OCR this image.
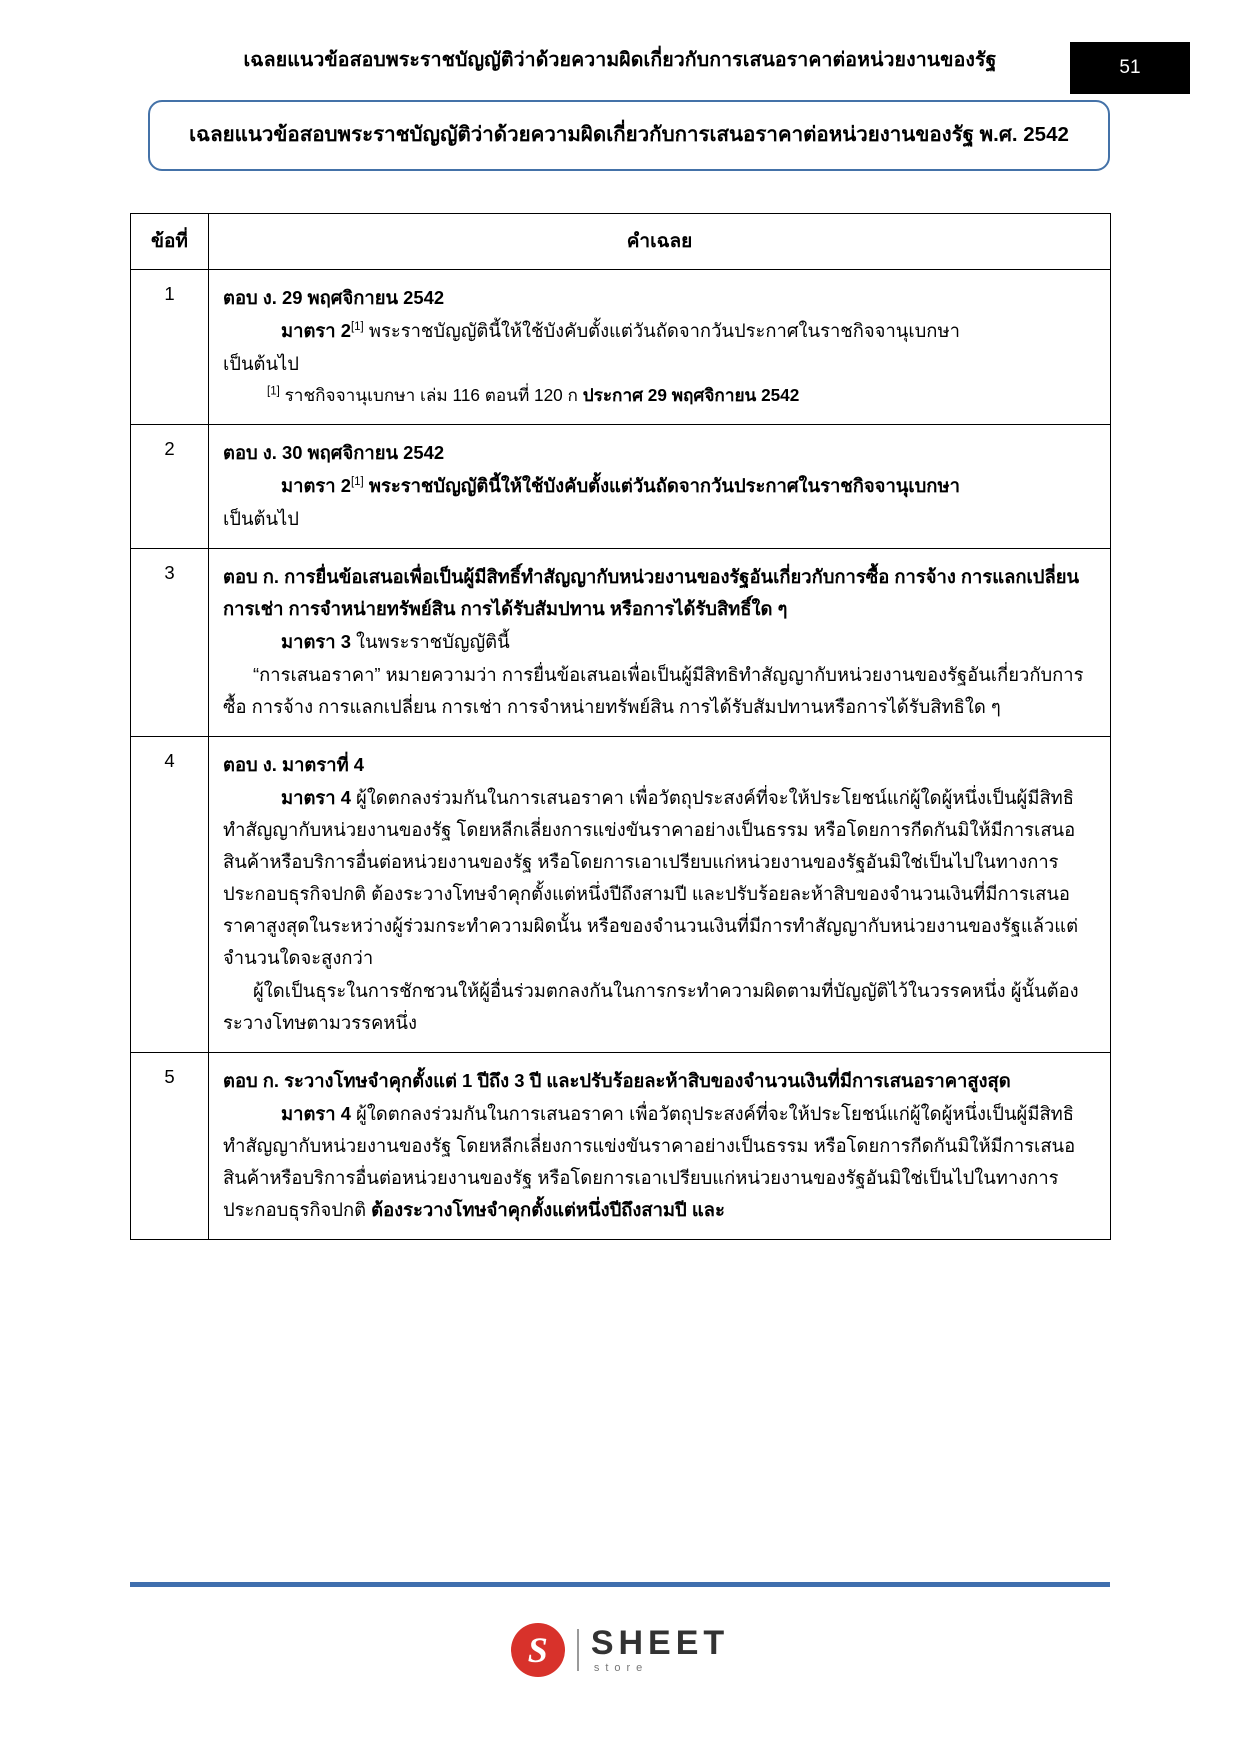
เฉลยแนวข้อสอบพระราชบัญญัติว่าด้วยความผิดเกี่ยวกับการเสนอราคาต่อหน่วยงานของรัฐ	51
เฉลยแนวข้อสอบพระราชบัญญัติว่าด้วยความผิดเกี่ยวกับการเสนอราคาต่อหน่วยงานของรัฐ พ.ศ. 2542
ข้อที่	คำเฉลย
1	ตอบ ง. 29 พฤศจิกายน 2542

มาตรา 2[1] พระราชบัญญัตินี้ให้ใช้บังคับตั้งแต่วันถัดจากวันประกาศในราชกิจจานุเบกษา

เป็นต้นไป

[1] ราชกิจจานุเบกษา เล่ม 116 ตอนที่ 120 ก ประกาศ 29 พฤศจิกายน 2542

2	ตอบ ง. 30 พฤศจิกายน 2542

มาตรา 2[1] พระราชบัญญัตินี้ให้ใช้บังคับตั้งแต่วันถัดจากวันประกาศในราชกิจจานุเบกษา

เป็นต้นไป

3	ตอบ ก. การยื่นข้อเสนอเพื่อเป็นผู้มีสิทธิ์ทำสัญญากับหน่วยงานของรัฐอันเกี่ยวกับการซื้อ การจ้าง การแลกเปลี่ยน การเช่า การจำหน่ายทรัพย์สิน การได้รับสัมปทาน หรือการได้รับสิทธิ์ใด ๆ

มาตรา 3 ในพระราชบัญญัตินี้

“การเสนอราคา” หมายความว่า การยื่นข้อเสนอเพื่อเป็นผู้มีสิทธิทำสัญญากับหน่วยงานของรัฐอันเกี่ยวกับการซื้อ การจ้าง การแลกเปลี่ยน การเช่า การจำหน่ายทรัพย์สิน การได้รับสัมปทานหรือการได้รับสิทธิใด ๆ

4	ตอบ ง. มาตราที่ 4

มาตรา 4 ผู้ใดตกลงร่วมกันในการเสนอราคา เพื่อวัตถุประสงค์ที่จะให้ประโยชน์แก่ผู้ใดผู้หนึ่งเป็นผู้มีสิทธิทำสัญญากับหน่วยงานของรัฐ โดยหลีกเลี่ยงการแข่งขันราคาอย่างเป็นธรรม หรือโดยการกีดกันมิให้มีการเสนอสินค้าหรือบริการอื่นต่อหน่วยงานของรัฐ หรือโดยการเอาเปรียบแก่หน่วยงานของรัฐอันมิใช่เป็นไปในทางการประกอบธุรกิจปกติ ต้องระวางโทษจำคุกตั้งแต่หนึ่งปีถึงสามปี และปรับร้อยละห้าสิบของจำนวนเงินที่มีการเสนอราคาสูงสุดในระหว่างผู้ร่วมกระทำความผิดนั้น หรือของจำนวนเงินที่มีการทำสัญญากับหน่วยงานของรัฐแล้วแต่จำนวนใดจะสูงกว่า

ผู้ใดเป็นธุระในการชักชวนให้ผู้อื่นร่วมตกลงกันในการกระทำความผิดตามที่บัญญัติไว้ในวรรคหนึ่ง ผู้นั้นต้องระวางโทษตามวรรคหนึ่ง

5	ตอบ ก. ระวางโทษจำคุกตั้งแต่ 1 ปีถึง 3 ปี และปรับร้อยละห้าสิบของจำนวนเงินที่มีการเสนอราคาสูงสุด

มาตรา 4 ผู้ใดตกลงร่วมกันในการเสนอราคา เพื่อวัตถุประสงค์ที่จะให้ประโยชน์แก่ผู้ใดผู้หนึ่งเป็นผู้มีสิทธิทำสัญญากับหน่วยงานของรัฐ โดยหลีกเลี่ยงการแข่งขันราคาอย่างเป็นธรรม หรือโดยการกีดกันมิให้มีการเสนอสินค้าหรือบริการอื่นต่อหน่วยงานของรัฐ หรือโดยการเอาเปรียบแก่หน่วยงานของรัฐอันมิใช่เป็นไปในทางการประกอบธุรกิจปกติ ต้องระวางโทษจำคุกตั้งแต่หนึ่งปีถึงสามปี และ

S SHEET
store
